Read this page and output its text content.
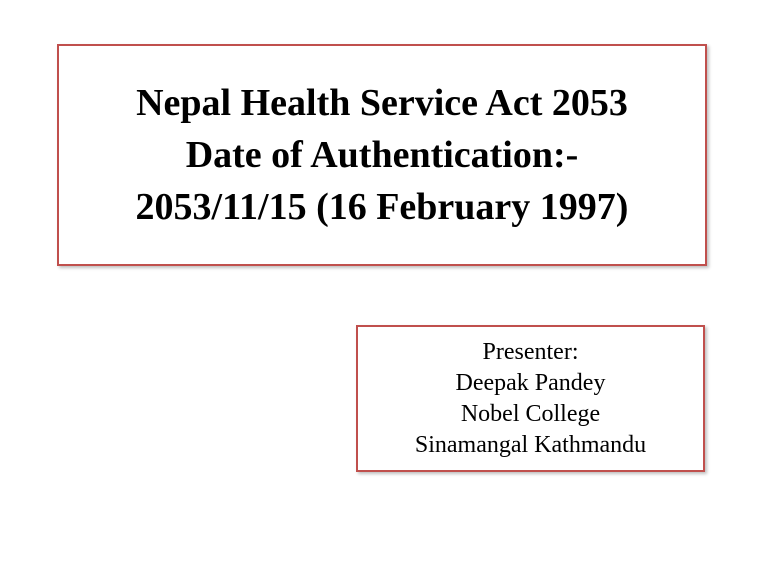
Nepal Health Service Act 2053
Date of Authentication:-
2053/11/15 (16 February 1997)
Presenter:
Deepak Pandey
Nobel College
Sinamangal Kathmandu
